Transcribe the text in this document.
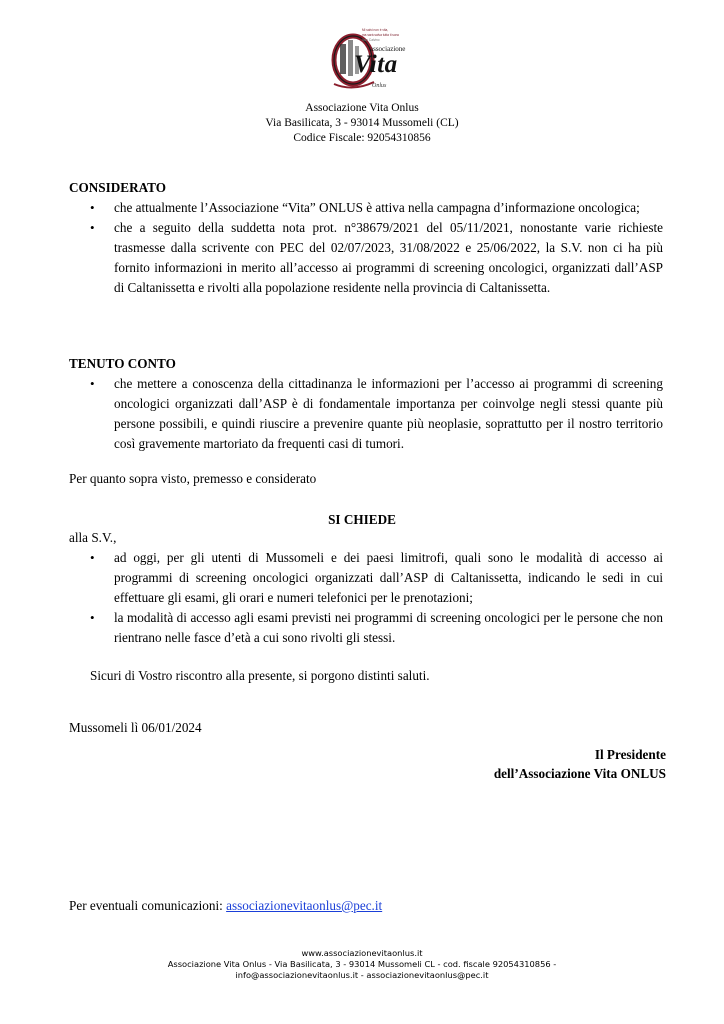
Mi salvi non è vita,
ma sarà salva tutta ti sono
Italo Calvino
associazione
Vita
Onlus
Associazione Vita Onlus
Via Basilicata, 3 - 93014 Mussomeli (CL)
Codice Fiscale: 92054310856
CONSIDERATO
• che attualmente l’Associazione “Vita” ONLUS è attiva nella campagna d’informazione oncologica;
• che a seguito della suddetta nota prot. n°38679/2021 del 05/11/2021, nonostante varie richieste trasmesse dalla scrivente con PEC del 02/07/2023, 31/08/2022 e 25/06/2022, la S.V. non ci ha più fornito informazioni in merito all’accesso ai programmi di screening oncologici, organizzati dall’ASP di Caltanissetta e rivolti alla popolazione residente nella provincia di Caltanissetta.
TENUTO CONTO
• che mettere a conoscenza della cittadinanza le informazioni per l’accesso ai programmi di screening oncologici organizzati dall’ASP è di fondamentale importanza per coinvolge negli stessi quante più persone possibili, e quindi riuscire a prevenire quante più neoplasie, soprattutto per il nostro territorio così gravemente martoriato da frequenti casi di tumori.
Per quanto sopra visto, premesso e considerato
SI CHIEDE
alla S.V.,
• ad oggi, per gli utenti di Mussomeli e dei paesi limitrofi, quali sono le modalità di accesso ai programmi di screening oncologici organizzati dall’ASP di Caltanissetta, indicando le sedi in cui effettuare gli esami, gli orari e numeri telefonici per le prenotazioni;
• la modalità di accesso agli esami previsti nei programmi di screening oncologici per le persone che non rientrano nelle fasce d’età a cui sono rivolti gli stessi.
Sicuri di Vostro riscontro alla presente, si porgono distinti saluti.
Mussomeli lì 06/01/2024
Il Presidente
dell’Associazione Vita ONLUS
Per eventuali comunicazioni: associazionevitaonlus@pec.it
www.associazionevitaonlus.it
Associazione Vita Onlus - Via Basilicata, 3 - 93014 Mussomeli CL - cod. fiscale 92054310856 -
info@associazionevitaonlus.it - associazionevitaonlus@pec.it
